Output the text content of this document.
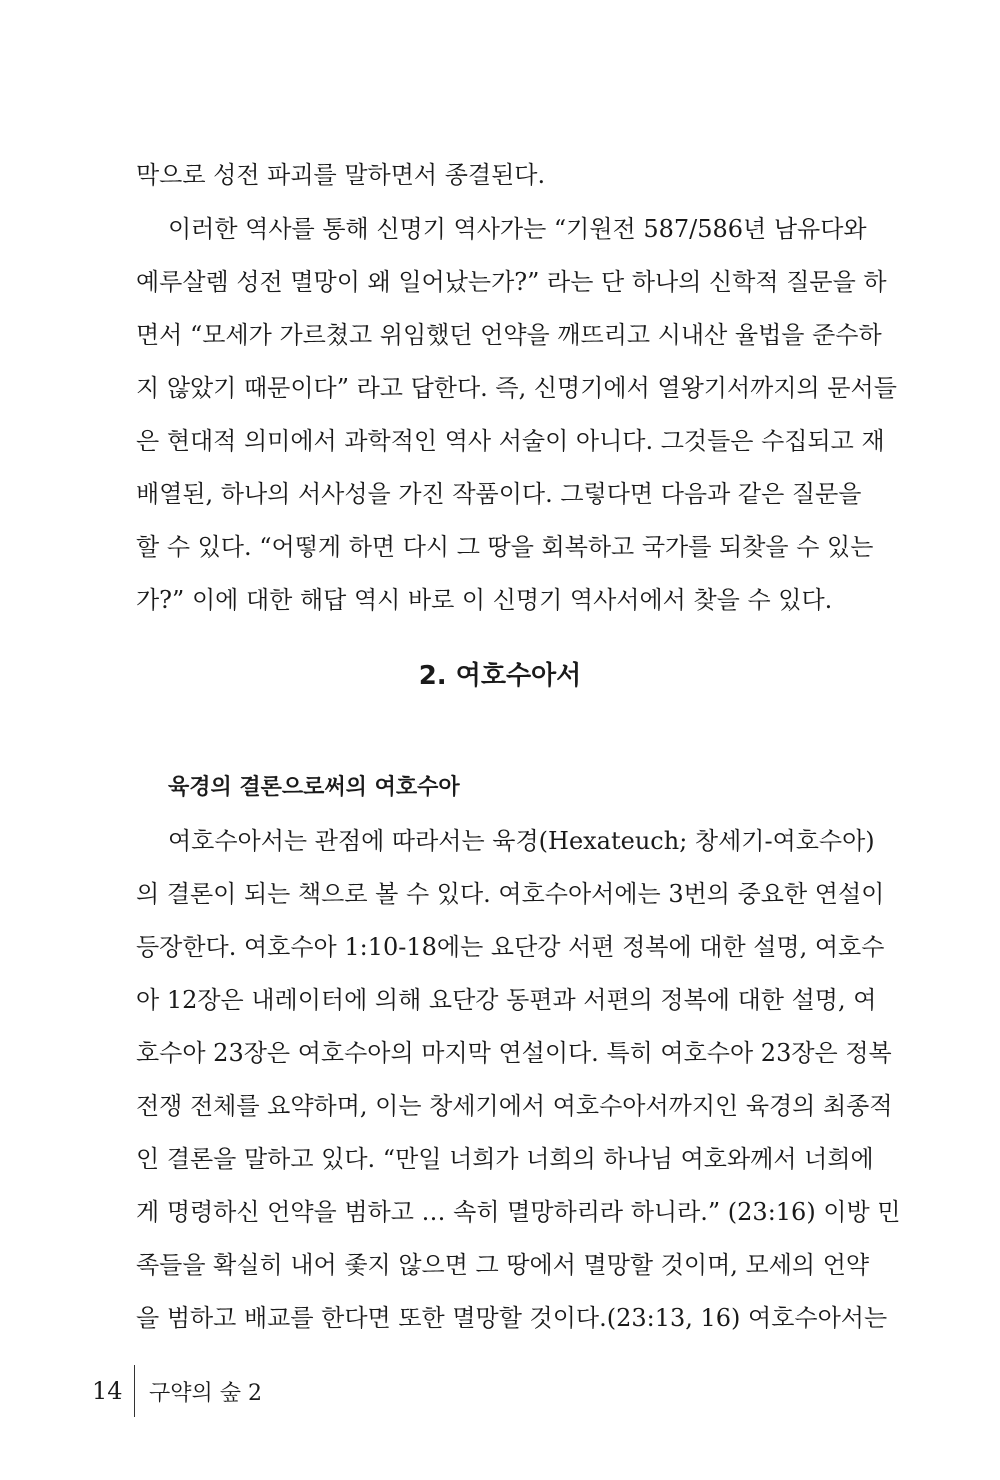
막으로 성전 파괴를 말하면서 종결된다.
이러한 역사를 통해 신명기 역사가는 “기원전 587/586년 남유다와
예루살렘 성전 멸망이 왜 일어났는가?” 라는 단 하나의 신학적 질문을 하
면서 “모세가 가르쳤고 위임했던 언약을 깨뜨리고 시내산 율법을 준수하
지 않았기 때문이다” 라고 답한다. 즉, 신명기에서 열왕기서까지의 문서들
은 현대적 의미에서 과학적인 역사 서술이 아니다. 그것들은 수집되고 재
배열된, 하나의 서사성을 가진 작품이다. 그렇다면 다음과 같은 질문을
할 수 있다. “어떻게 하면 다시 그 땅을 회복하고 국가를 되찾을 수 있는
가?” 이에 대한 해답 역시 바로 이 신명기 역사서에서 찾을 수 있다.
2. 여호수아서
육경의 결론으로써의 여호수아
여호수아서는 관점에 따라서는 육경(Hexateuch; 창세기-여호수아)
의 결론이 되는 책으로 볼 수 있다. 여호수아서에는 3번의 중요한 연설이
등장한다. 여호수아 1:10-18에는 요단강 서편 정복에 대한 설명, 여호수
아 12장은 내레이터에 의해 요단강 동편과 서편의 정복에 대한 설명, 여
호수아 23장은 여호수아의 마지막 연설이다. 특히 여호수아 23장은 정복
전쟁 전체를 요약하며, 이는 창세기에서 여호수아서까지인 육경의 최종적
인 결론을 말하고 있다. “만일 너희가 너희의 하나님 여호와께서 너희에
게 명령하신 언약을 범하고 … 속히 멸망하리라 하니라.” (23:16) 이방 민
족들을 확실히 내어 좇지 않으면 그 땅에서 멸망할 것이며, 모세의 언약
을 범하고 배교를 한다면 또한 멸망할 것이다.(23:13, 16) 여호수아서는
14 구약의 숲 2
